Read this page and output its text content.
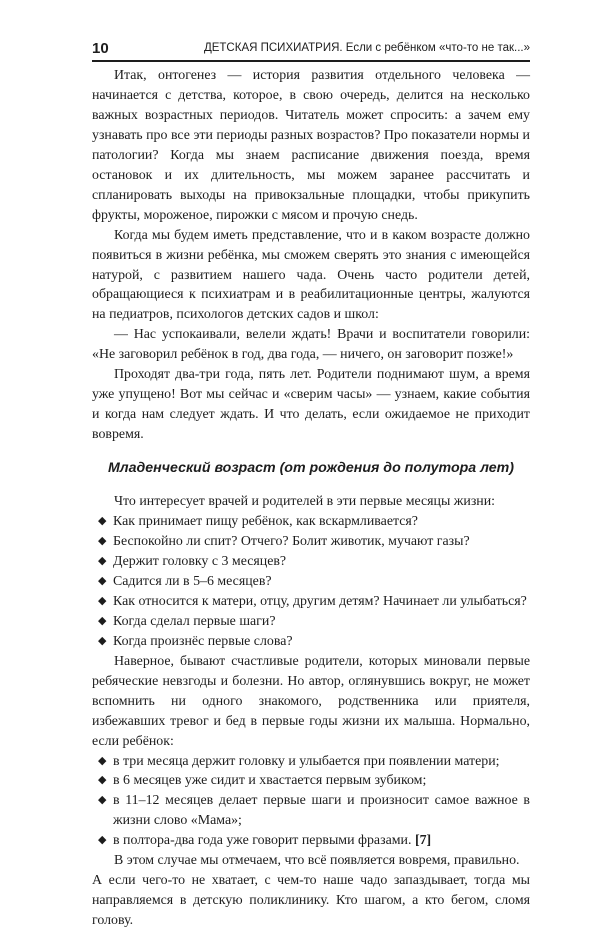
10	ДЕТСКАЯ ПСИХИАТРИЯ. Если с ребёнком «что-то не так...»

Итак, онтогенез — история развития отдельного человека — начинается с детства, которое, в свою очередь, делится на несколько важных возрастных периодов. Читатель может спросить: а зачем ему узнавать про все эти периоды разных возрастов? Про показатели нормы и патологии? Когда мы знаем расписание движения поезда, время остановок и их длительность, мы можем заранее рассчитать и спланировать выходы на привокзальные площадки, чтобы прикупить фрукты, мороженое, пирожки с мясом и прочую снедь.

Когда мы будем иметь представление, что и в каком возрасте должно появиться в жизни ребёнка, мы сможем сверять это знания с имеющейся натурой, с развитием нашего чада. Очень часто родители детей, обращающиеся к психиатрам и в реабилитационные центры, жалуются на педиатров, психологов детских садов и школ:

— Нас успокаивали, велели ждать! Врачи и воспитатели говорили: «Не заговорил ребёнок в год, два года, — ничего, он заговорит позже!»

Проходят два-три года, пять лет. Родители поднимают шум, а время уже упущено! Вот мы сейчас и «сверим часы» — узнаем, какие события и когда нам следует ждать. И что делать, если ожидаемое не приходит вовремя.

Младенческий возраст (от рождения до полутора лет)

Что интересует врачей и родителей в эти первые месяцы жизни:

◆ Как принимает пищу ребёнок, как вскармливается?
◆ Беспокойно ли спит? Отчего? Болит животик, мучают газы?
◆ Держит головку с 3 месяцев?
◆ Садится ли в 5–6 месяцев?
◆ Как относится к матери, отцу, другим детям? Начинает ли улыбаться?
◆ Когда сделал первые шаги?
◆ Когда произнёс первые слова?

Наверное, бывают счастливые родители, которых миновали первые ребяческие невзгоды и болезни. Но автор, оглянувшись вокруг, не может вспомнить ни одного знакомого, родственника или приятеля, избежавших тревог и бед в первые годы жизни их малыша. Нормально, если ребёнок:

◆ в три месяца держит головку и улыбается при появлении матери;
◆ в 6 месяцев уже сидит и хвастается первым зубиком;
◆ в 11–12 месяцев делает первые шаги и произносит самое важное в жизни слово «Мама»;
◆ в полтора-два года уже говорит первыми фразами. [7]

В этом случае мы отмечаем, что всё появляется вовремя, правильно.

А если чего-то не хватает, с чем-то наше чадо запаздывает, тогда мы направляемся в детскую поликлинику. Кто шагом, а кто бегом, сломя голову.
